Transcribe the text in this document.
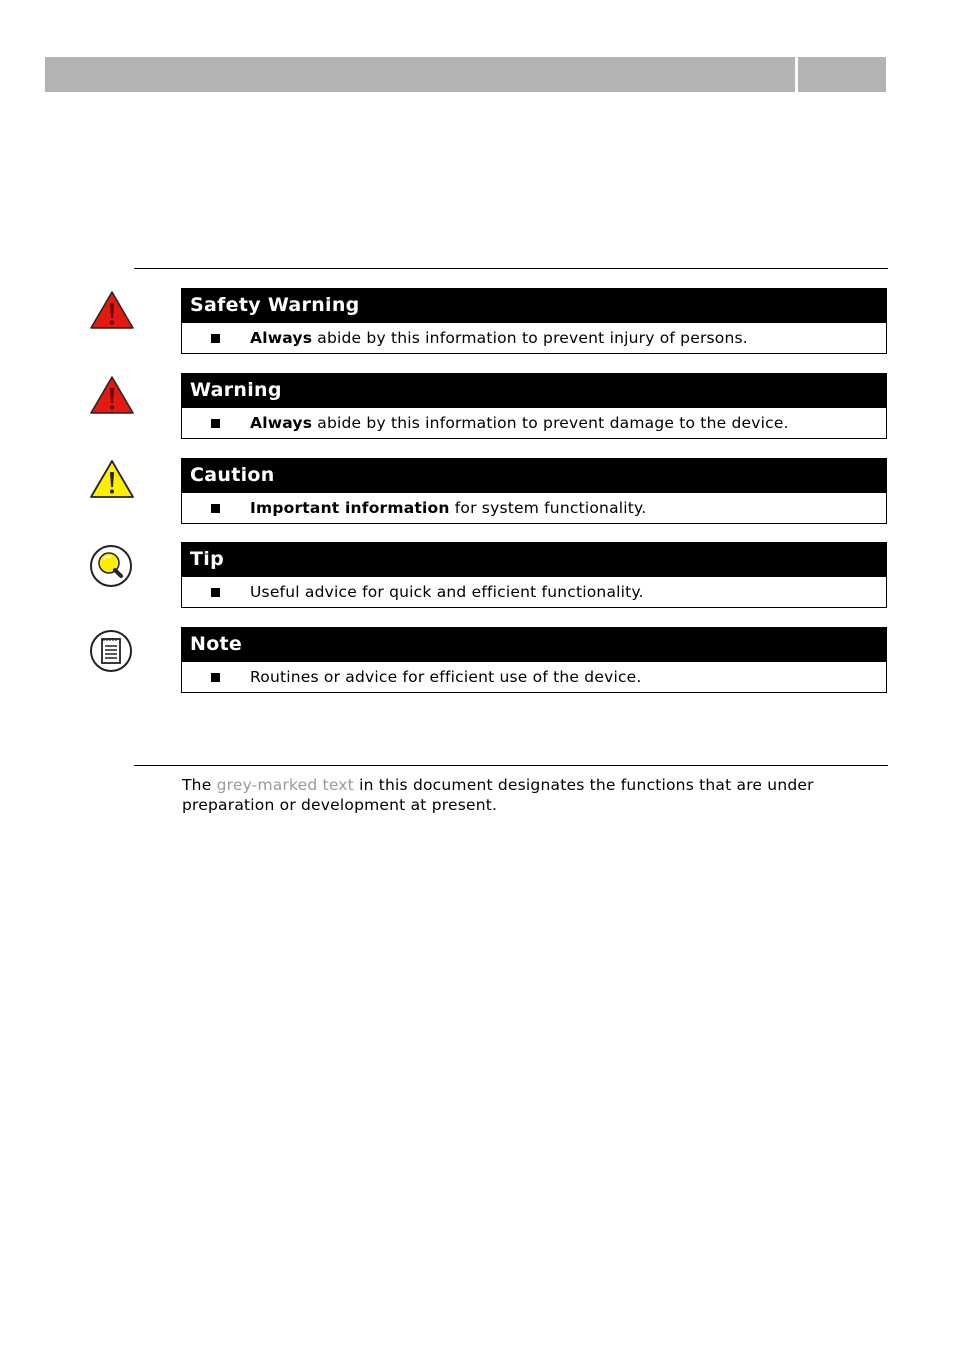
Safety Warning
Always abide by this information to prevent injury of persons.
Warning
Always abide by this information to prevent damage to the device.
Caution
Important information for system functionality.
Tip
Useful advice for quick and efficient functionality.
Note
Routines or advice for efficient use of the device.
The grey-marked text in this document designates the functions that are under preparation or development at present.
